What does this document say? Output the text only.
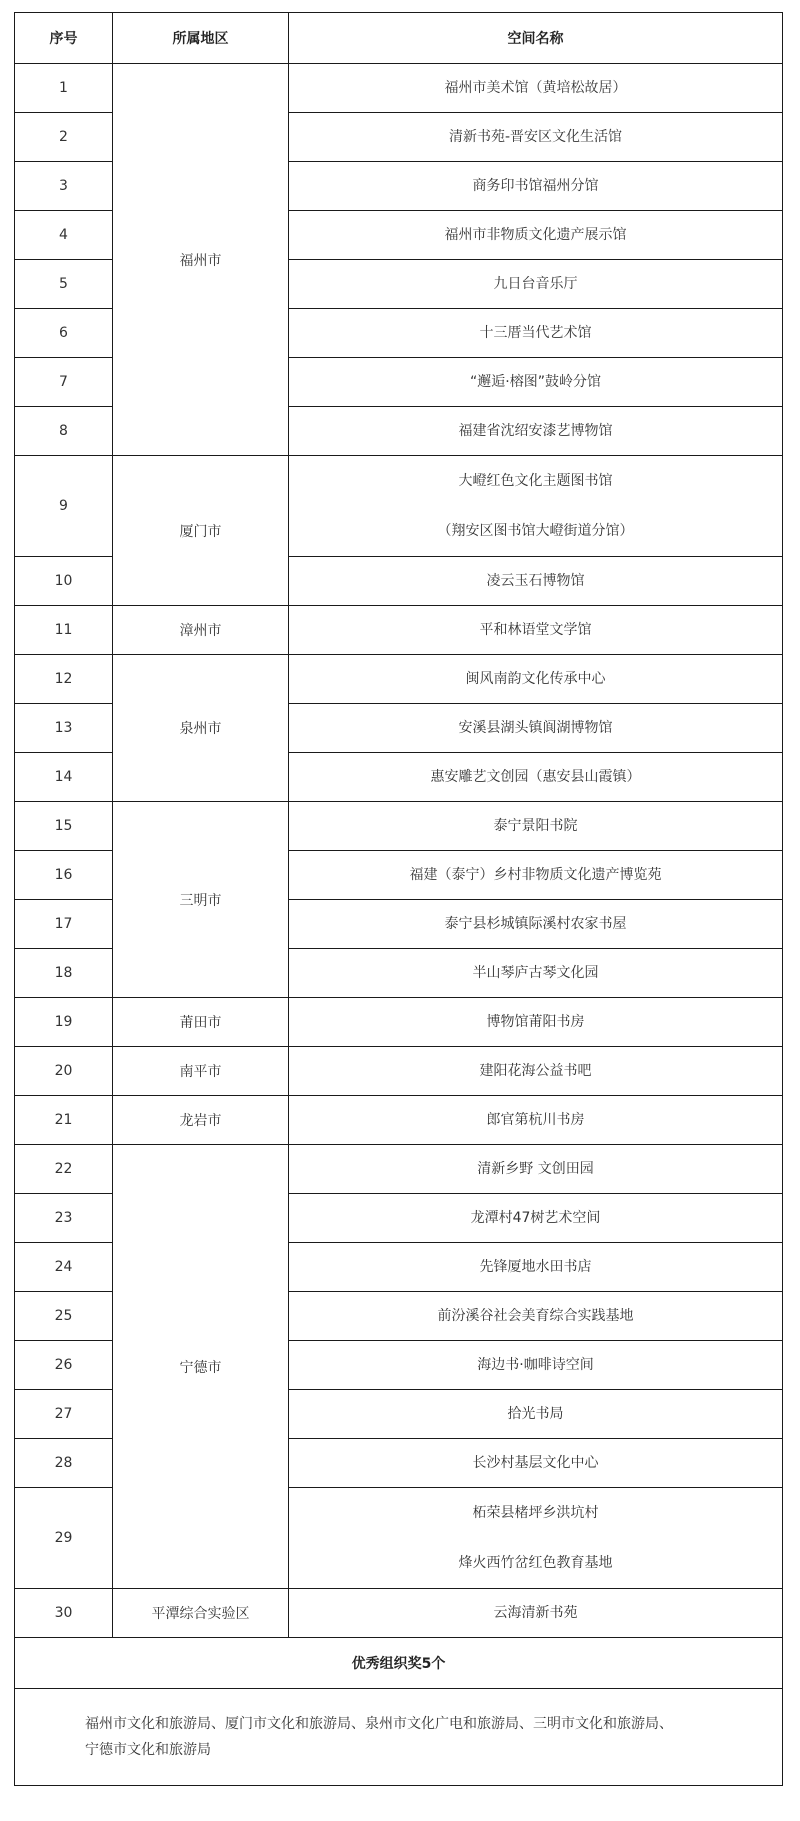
序号	所属地区	空间名称
1	福州市	福州市美术馆（黄培松故居）

2		清新书苑-晋安区文化生活馆

3		商务印书馆福州分馆

4		福州市非物质文化遗产展示馆

5		九日台音乐厅

6		十三厝当代艺术馆

7		“邂逅·榕图”鼓岭分馆

8		福建省沈绍安漆艺博物馆

9	厦门市	大嶝红色文化主题图书馆
（翔安区图书馆大嶝街道分馆）

10		凌云玉石博物馆

11	漳州市	平和林语堂文学馆

12	泉州市	闽风南韵文化传承中心

13		安溪县湖头镇阆湖博物馆

14		惠安雕艺文创园（惠安县山霞镇）

15	三明市	泰宁景阳书院

16		福建（泰宁）乡村非物质文化遗产博览苑

17		泰宁县杉城镇际溪村农家书屋

18		半山琴庐古琴文化园

19	莆田市	博物馆莆阳书房

20	南平市	建阳花海公益书吧

21	龙岩市	郎官第杭川书房

22	宁德市	清新乡野 文创田园

23		龙潭村47树艺术空间

24		先锋厦地水田书店

25		前汾溪谷社会美育综合实践基地

26		海边书·咖啡诗空间

27		拾光书局

28		长沙村基层文化中心

29		柘荣县楮坪乡洪坑村
烽火西竹岔红色教育基地

30	平潭综合实验区	云海清新书苑

优秀组织奖5个		

福州市文化和旅游局、厦门市文化和旅游局、泉州市文化广电和旅游局、三明市文化和旅游局、
宁德市文化和旅游局		
